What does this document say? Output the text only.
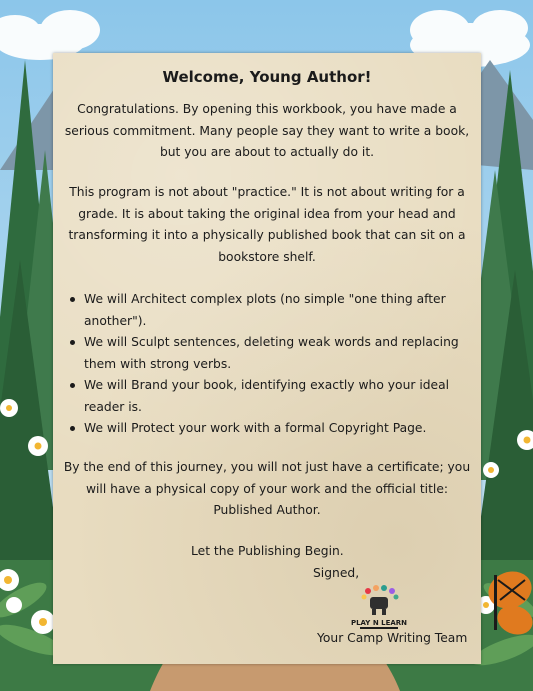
Welcome, Young Author!
Congratulations. By opening this workbook, you have made a serious commitment. Many people say they want to write a book, but you are about to actually do it.
This program is not about "practice." It is not about writing for a grade. It is about taking the original idea from your head and transforming it into a physically published book that can sit on a bookstore shelf.
We will Architect complex plots (no simple "one thing after another").
We will Sculpt sentences, deleting weak words and replacing them with strong verbs.
We will Brand your book, identifying exactly who your ideal reader is.
We will Protect your work with a formal Copyright Page.
By the end of this journey, you will not just have a certificate; you will have a physical copy of your work and the official title: Published Author.
Let the Publishing Begin.
Signed,
PLAY N LEARN
Your Camp Writing Team
